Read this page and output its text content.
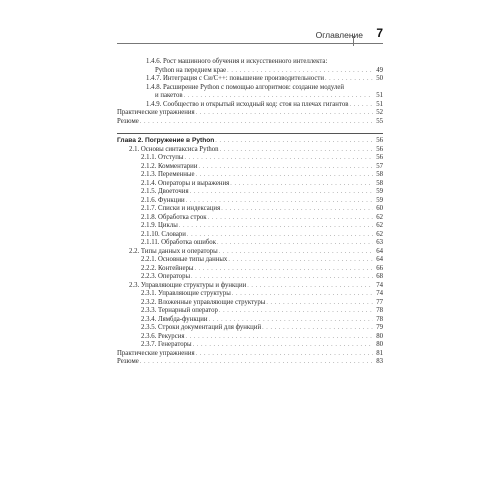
Оглавление 7
1.4.6. Рост машинного обучения и искусственного интеллекта:
Python на переднем крае . . .	49
1.4.7. Интеграция с Cи/C++: повышение производительности . . .	50
1.4.8. Расширение Python с помощью алгоритмов: создание модулей
и пакетов . . .	51
1.4.9. Сообщество и открытый исходный код: стоя на плечах гигантов . . .	51
Практические упражнения . . .	52
Резюме . . .	55
Глава 2. Погружение в Python . . .	56
2.1. Основы синтаксиса Python . . .	56
2.1.1. Отступы . . .	56
2.1.2. Комментарии . . .	57
2.1.3. Переменные . . .	58
2.1.4. Операторы и выражения . . .	58
2.1.5. Двоеточия . . .	59
2.1.6. Функции . . .	59
2.1.7. Списки и индексация . . .	60
2.1.8. Обработка строк . . .	62
2.1.9. Циклы . . .	62
2.1.10. Словари . . .	62
2.1.11. Обработка ошибок . . .	63
2.2. Типы данных и операторы . . .	64
2.2.1. Основные типы данных . . .	64
2.2.2. Контейнеры . . .	66
2.2.3. Операторы . . .	68
2.3. Управляющие структуры и функции . . .	74
2.3.1. Управляющие структуры . . .	74
2.3.2. Вложенные управляющие структуры . . .	77
2.3.3. Тернарный оператор . . .	78
2.3.4. Лямбда-функции . . .	78
2.3.5. Строки документаций для функций . . .	79
2.3.6. Рекурсия . . .	80
2.3.7. Генераторы . . .	80
Практические упражнения . . .	81
Резюме . . .	83
